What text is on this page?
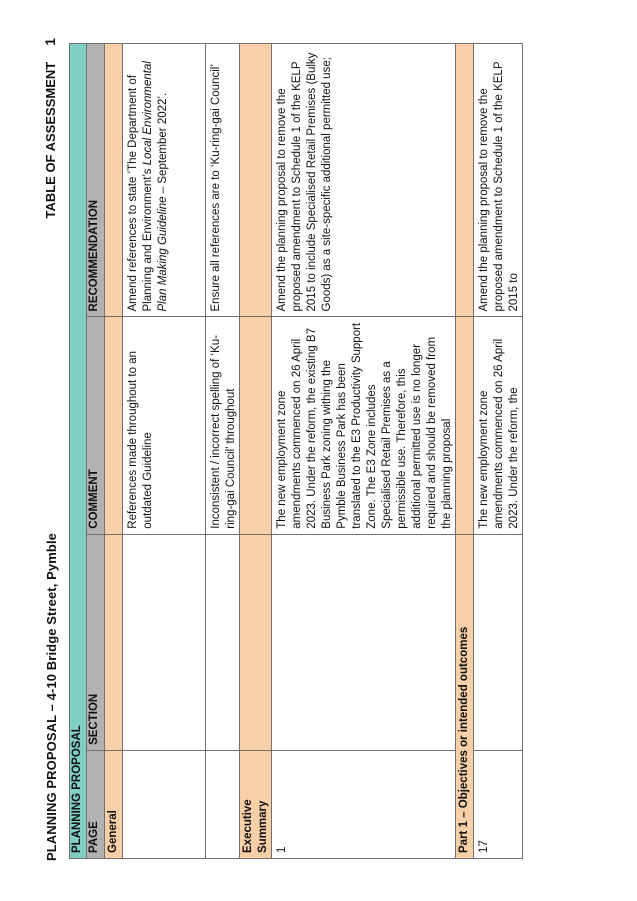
PLANNING PROPOSAL – 4-10 Bridge Street, Pymble
TABLE OF ASSESSMENT1
PLANNING PROPOSAL			
PAGE	SECTION	COMMENT	RECOMMENDATION
General			
		References made throughout to an outdated Guideline	Amend references to state ‘The Department of Planning and Environment’s Local Environmental Plan Making Guideline – September 2022’.
		Inconsistent / incorrect spelling of ‘Ku-ring-gai Council’ throughout	Ensure all references are to ‘Ku-ring-gai Council’
Executive Summary			
1		The new employment zone amendments commenced on 26 April 2023. Under the reform, the existing B7 Business Park zoning withing the Pymble Business Park has been translated to the E3 Productivity Support Zone. The E3 Zone includes Specialised Retail Premises as a permissible use. Therefore, this additional permitted use is no longer required and should be removed from the planning proposal	Amend the planning proposal to remove the proposed amendment to Schedule 1 of the KELP 2015 to include Specialised Retail Premises (Bulky Goods) as a site-specific additional permitted use;
Part 1 – Objectives or intended outcomes			
17		The new employment zone amendments commenced on 26 April 2023. Under the reform, the	Amend the planning proposal to remove the proposed amendment to Schedule 1 of the KELP 2015 to
